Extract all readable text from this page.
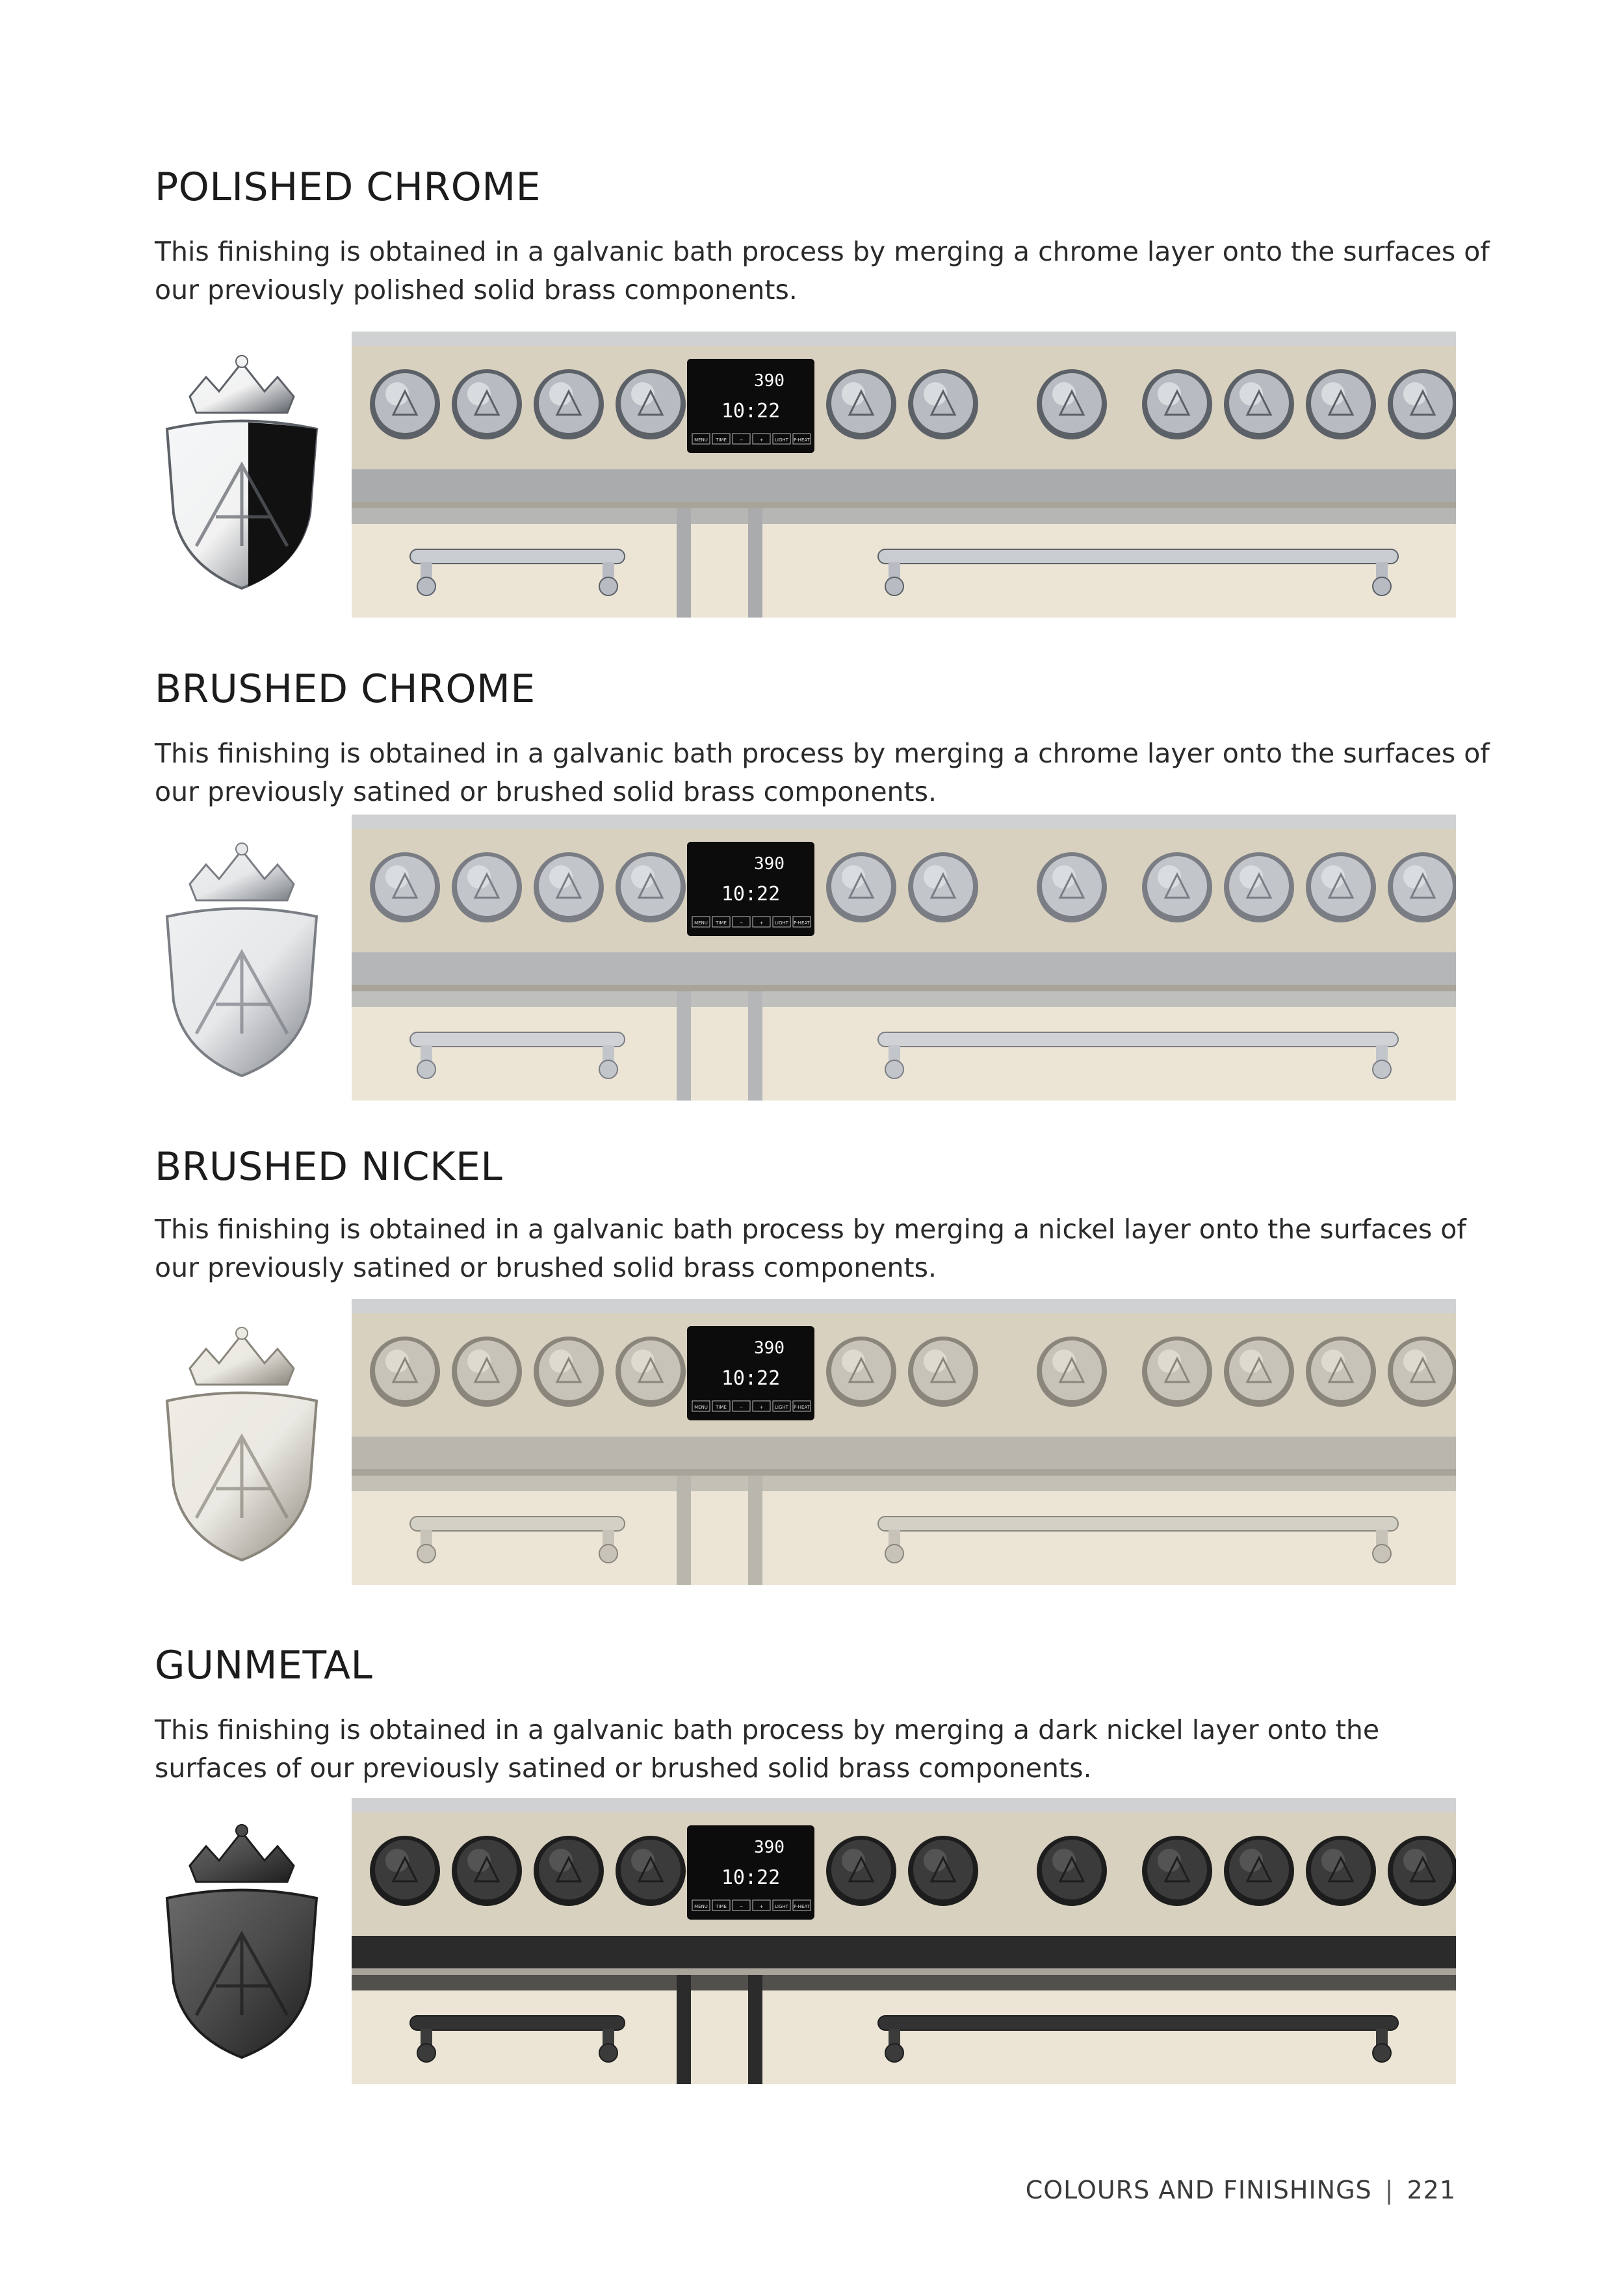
POLISHED CHROME

This finishing is obtained in a galvanic bath process by merging a chrome layer onto the surfaces of our previously polished solid brass components.

390
10:22
MENU TIME	−	+	LIGHT P-HEAT
BRUSHED CHROME

This finishing is obtained in a galvanic bath process by merging a chrome layer onto the surfaces of our previously satined or brushed solid brass components.

390
10:22
MENU TIME	−	+	LIGHT P-HEAT
BRUSHED NICKEL

This finishing is obtained in a galvanic bath process by merging a nickel layer onto the surfaces of our previously satined or brushed solid brass components.

390
10:22
MENU TIME	−	+	LIGHT P-HEAT
GUNMETAL

This finishing is obtained in a galvanic bath process by merging a dark nickel layer onto the surfaces of our previously satined or brushed solid brass components.

390
10:22
MENU TIME	−	+	LIGHT P-HEAT
COLOURS AND FINISHINGS | 221
